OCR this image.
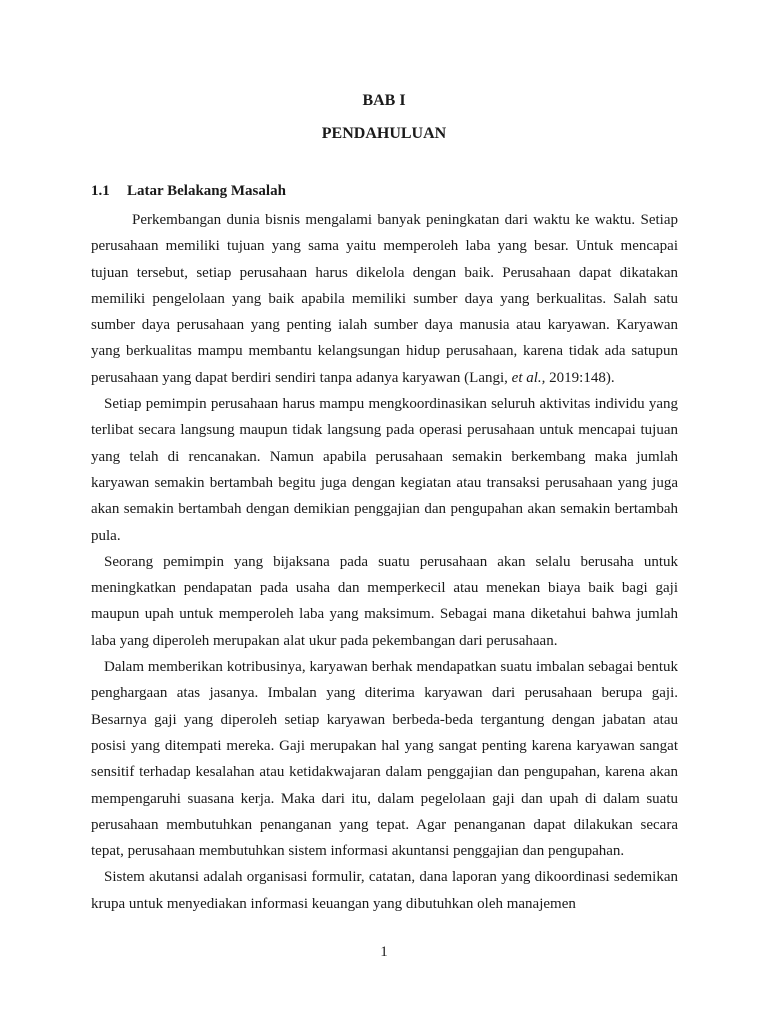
BAB I
PENDAHULUAN
1.1 Latar Belakang Masalah

Perkembangan dunia bisnis mengalami banyak peningkatan dari waktu ke waktu. Setiap perusahaan memiliki tujuan yang sama yaitu memperoleh laba yang besar. Untuk mencapai tujuan tersebut, setiap perusahaan harus dikelola dengan baik. Perusahaan dapat dikatakan memiliki pengelolaan yang baik apabila memiliki sumber daya yang berkualitas. Salah satu sumber daya perusahaan yang penting ialah sumber daya manusia atau karyawan. Karyawan yang berkualitas mampu membantu kelangsungan hidup perusahaan, karena tidak ada satupun perusahaan yang dapat berdiri sendiri tanpa adanya karyawan (Langi, et al., 2019:148).

Setiap pemimpin perusahaan harus mampu mengkoordinasikan seluruh aktivitas individu yang terlibat secara langsung maupun tidak langsung pada operasi perusahaan untuk mencapai tujuan yang telah di rencanakan. Namun apabila perusahaan semakin berkembang maka jumlah karyawan semakin bertambah begitu juga dengan kegiatan atau transaksi perusahaan yang juga akan semakin bertambah dengan demikian penggajian dan pengupahan akan semakin bertambah pula.

Seorang pemimpin yang bijaksana pada suatu perusahaan akan selalu berusaha untuk meningkatkan pendapatan pada usaha dan memperkecil atau menekan biaya baik bagi gaji maupun upah untuk memperoleh laba yang maksimum. Sebagai mana diketahui bahwa jumlah laba yang diperoleh merupakan alat ukur pada pekembangan dari perusahaan.

Dalam memberikan kotribusinya, karyawan berhak mendapatkan suatu imbalan sebagai bentuk penghargaan atas jasanya. Imbalan yang diterima karyawan dari perusahaan berupa gaji. Besarnya gaji yang diperoleh setiap karyawan berbeda-beda tergantung dengan jabatan atau posisi yang ditempati mereka. Gaji merupakan hal yang sangat penting karena karyawan sangat sensitif terhadap kesalahan atau ketidakwajaran dalam penggajian dan pengupahan, karena akan mempengaruhi suasana kerja. Maka dari itu, dalam pegelolaan gaji dan upah di dalam suatu perusahaan membutuhkan penanganan yang tepat. Agar penanganan dapat dilakukan secara tepat, perusahaan membutuhkan sistem informasi akuntansi penggajian dan pengupahan.

Sistem akutansi adalah organisasi formulir, catatan, dana laporan yang dikoordinasi sedemikan krupa untuk menyediakan informasi keuangan yang dibutuhkan oleh manajemen

1
